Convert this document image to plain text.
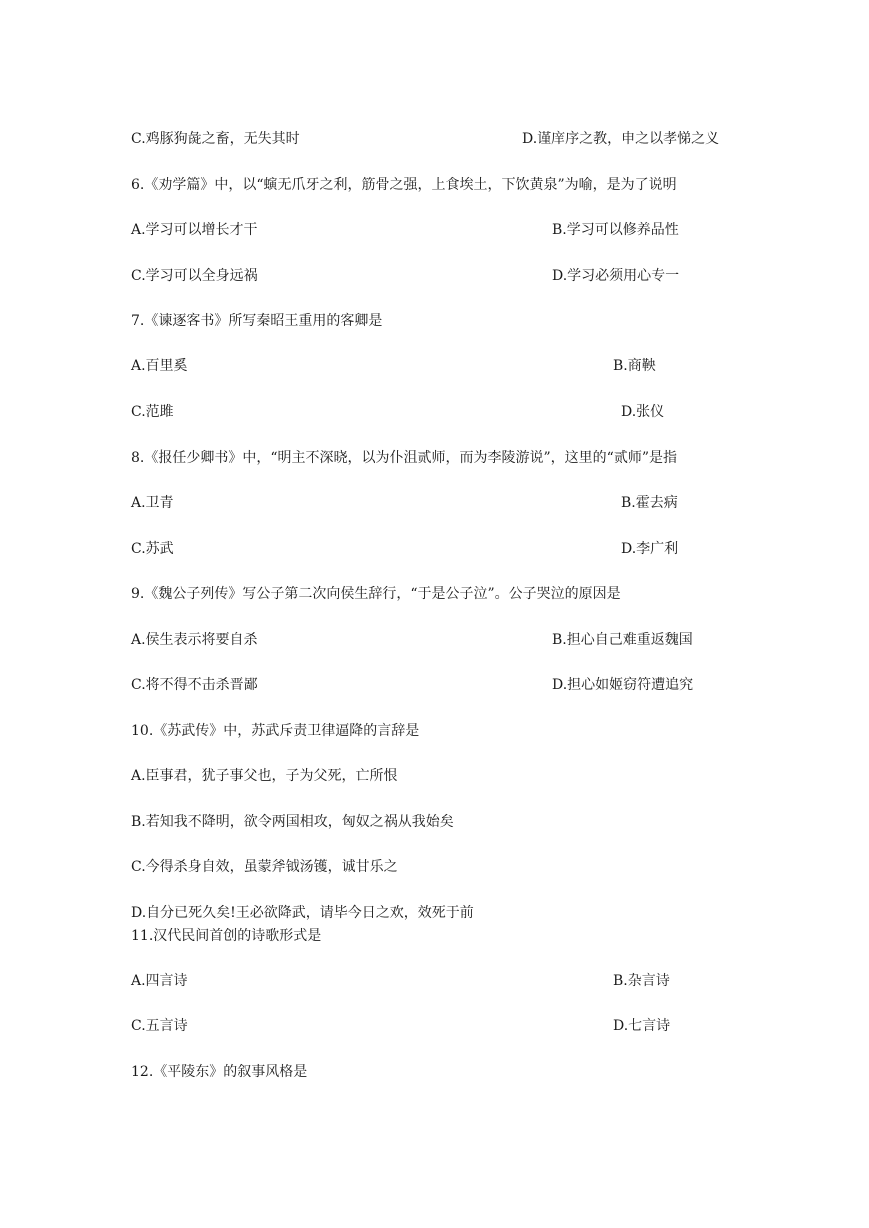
C.鸡豚狗彘之畜，无失其时	D.谨庠序之教，申之以孝悌之义
6.《劝学篇》中，以“螾无爪牙之利，筋骨之强，上食埃土，下饮黄泉”为喻，是为了说明
A.学习可以增长才干	B.学习可以修养品性
C.学习可以全身远祸	D.学习必须用心专一
7.《谏逐客书》所写秦昭王重用的客卿是
A.百里奚	B.商鞅
C.范雎	D.张仪
8.《报任少卿书》中，“明主不深晓，以为仆沮贰师，而为李陵游说”，这里的“贰师”是指
A.卫青	B.霍去病
C.苏武	D.李广利
9.《魏公子列传》写公子第二次向侯生辞行，“于是公子泣”。公子哭泣的原因是
A.侯生表示将要自杀	B.担心自己难重返魏国
C.将不得不击杀晋鄙	D.担心如姬窃符遭追究
10.《苏武传》中，苏武斥责卫律逼降的言辞是
A.臣事君，犹子事父也，子为父死，亡所恨
B.若知我不降明，欲令两国相攻，匈奴之祸从我始矣
C.今得杀身自效，虽蒙斧钺汤镬，诚甘乐之
D.自分已死久矣!王必欲降武，请毕今日之欢，效死于前
11.汉代民间首创的诗歌形式是
A.四言诗	B.杂言诗
C.五言诗	D.七言诗
12.《平陵东》的叙事风格是
